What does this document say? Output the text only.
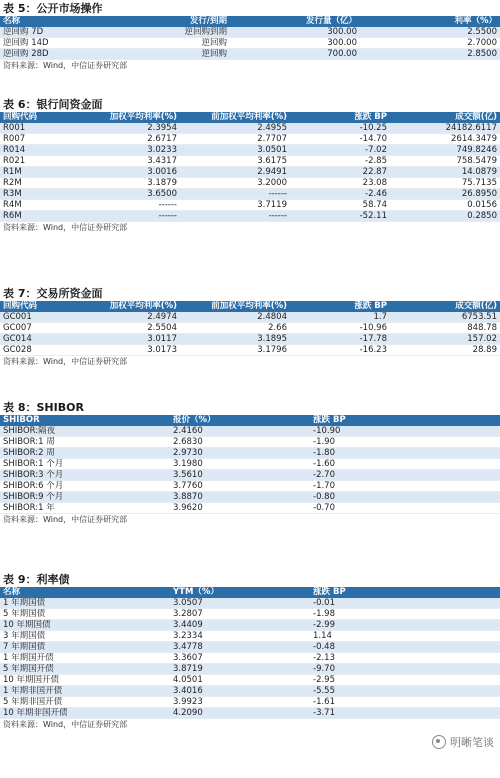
表 5：公开市场操作
名称	发行/到期	发行量（亿）	利率（%）
逆回购 7D	逆回购到期	300.00	2.5500
逆回购 14D	逆回购	300.00	2.7000
逆回购 28D	逆回购	700.00	2.8500
资料来源：Wind，中信证券研究部
表 6：银行间资金面
回购代码	加权平均利率(%)	前加权平均利率(%)	涨跌 BP	成交额(亿)
R001	2.3954	2.4955	-10.25	24182.6117
R007	2.6717	2.7707	-14.70	2614.3479
R014	3.0233	3.0501	-7.02	749.8246
R021	3.4317	3.6175	-2.85	758.5479
R1M	3.0016	2.9491	22.87	14.0879
R2M	3.1879	3.2000	23.08	75.7135
R3M	3.6500	------	-2.46	26.8950
R4M	------	3.7119	58.74	0.0156
R6M	------	------	-52.11	0.2850
资料来源：Wind，中信证券研究部
表 7：交易所资金面
回购代码	加权平均利率(%)	前加权平均利率(%)	涨跌 BP	成交额(亿)
GC001	2.4974	2.4804	1.7	6753.51
GC007	2.5504	2.66	-10.96	848.78
GC014	3.0117	3.1895	-17.78	157.02
GC028	3.0173	3.1796	-16.23	28.89
资料来源：Wind，中信证券研究部
表 8：SHIBOR
SHIBOR	报价（%）	涨跌 BP
SHIBOR:隔夜	2.4160	-10.90
SHIBOR:1 周	2.6830	-1.90
SHIBOR:2 周	2.9730	-1.80
SHIBOR:1 个月	3.1980	-1.60
SHIBOR:3 个月	3.5610	-2.70
SHIBOR:6 个月	3.7760	-1.70
SHIBOR:9 个月	3.8870	-0.80
SHIBOR:1 年	3.9620	-0.70
资料来源：Wind，中信证券研究部
表 9：利率债
名称	YTM（%）	涨跌 BP
1 年期国债	3.0507	-0.01
5 年期国债	3.2807	-1.98
10 年期国债	3.4409	-2.99
3 年期国债	3.2334	1.14
7 年期国债	3.4778	-0.48
1 年期国开债	3.3607	-2.13
5 年期国开债	3.8719	-9.70
10 年期国开债	4.0501	-2.95
1 年期非国开债	3.4016	-5.55
5 年期非国开债	3.9923	-1.61
10 年期非国开债	4.2090	-3.71
资料来源：Wind，中信证券研究部
明晰笔谈
